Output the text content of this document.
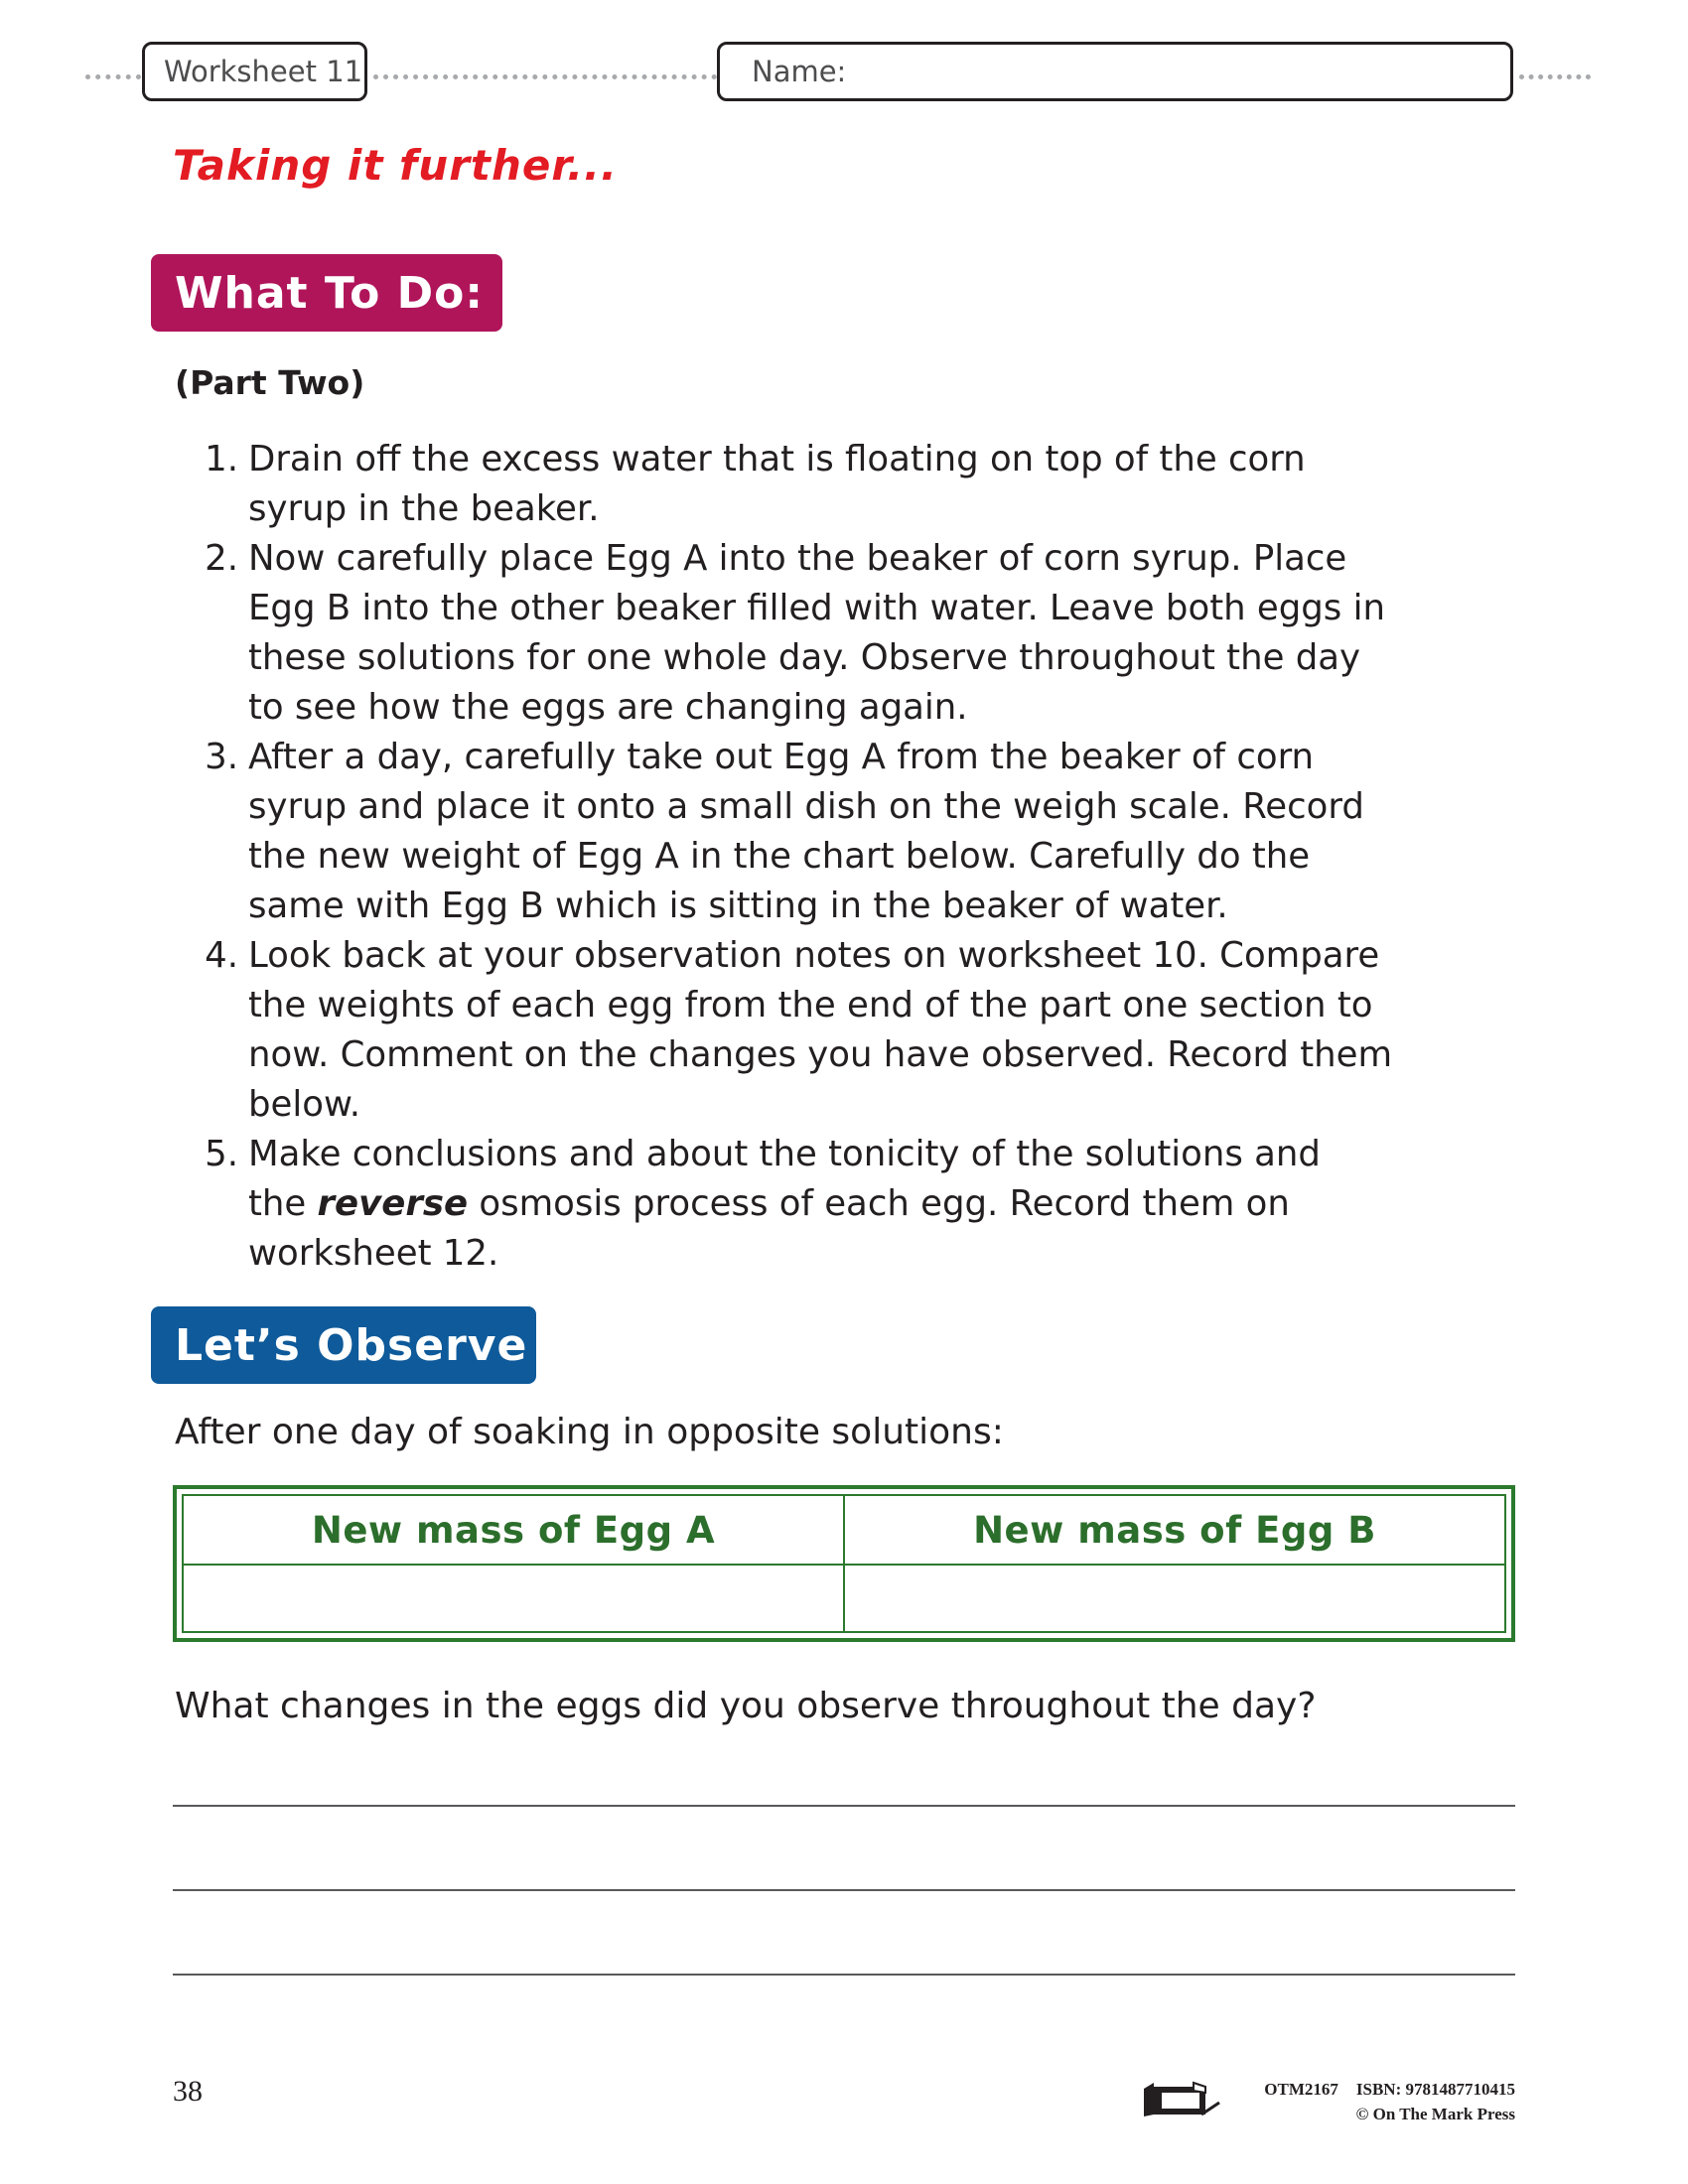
Worksheet 11	Name:
Taking it further...
What To Do:
(Part Two)
1. Drain off the excess water that is floating on top of the corn
syrup in the beaker.
2. Now carefully place Egg A into the beaker of corn syrup. Place
Egg B into the other beaker filled with water. Leave both eggs in
these solutions for one whole day. Observe throughout the day
to see how the eggs are changing again.
3. After a day, carefully take out Egg A from the beaker of corn
syrup and place it onto a small dish on the weigh scale. Record
the new weight of Egg A in the chart below. Carefully do the
same with Egg B which is sitting in the beaker of water.
4. Look back at your observation notes on worksheet 10. Compare
the weights of each egg from the end of the part one section to
now. Comment on the changes you have observed. Record them
below.
5. Make conclusions and about the tonicity of the solutions and
the reverse osmosis process of each egg. Record them on
worksheet 12.
Let’s Observe
After one day of soaking in opposite solutions:
New mass of Egg A	New mass of Egg B

What changes in the eggs did you observe throughout the day?
38	OTM2167 ISBN: 9781487710415
© On The Mark Press
